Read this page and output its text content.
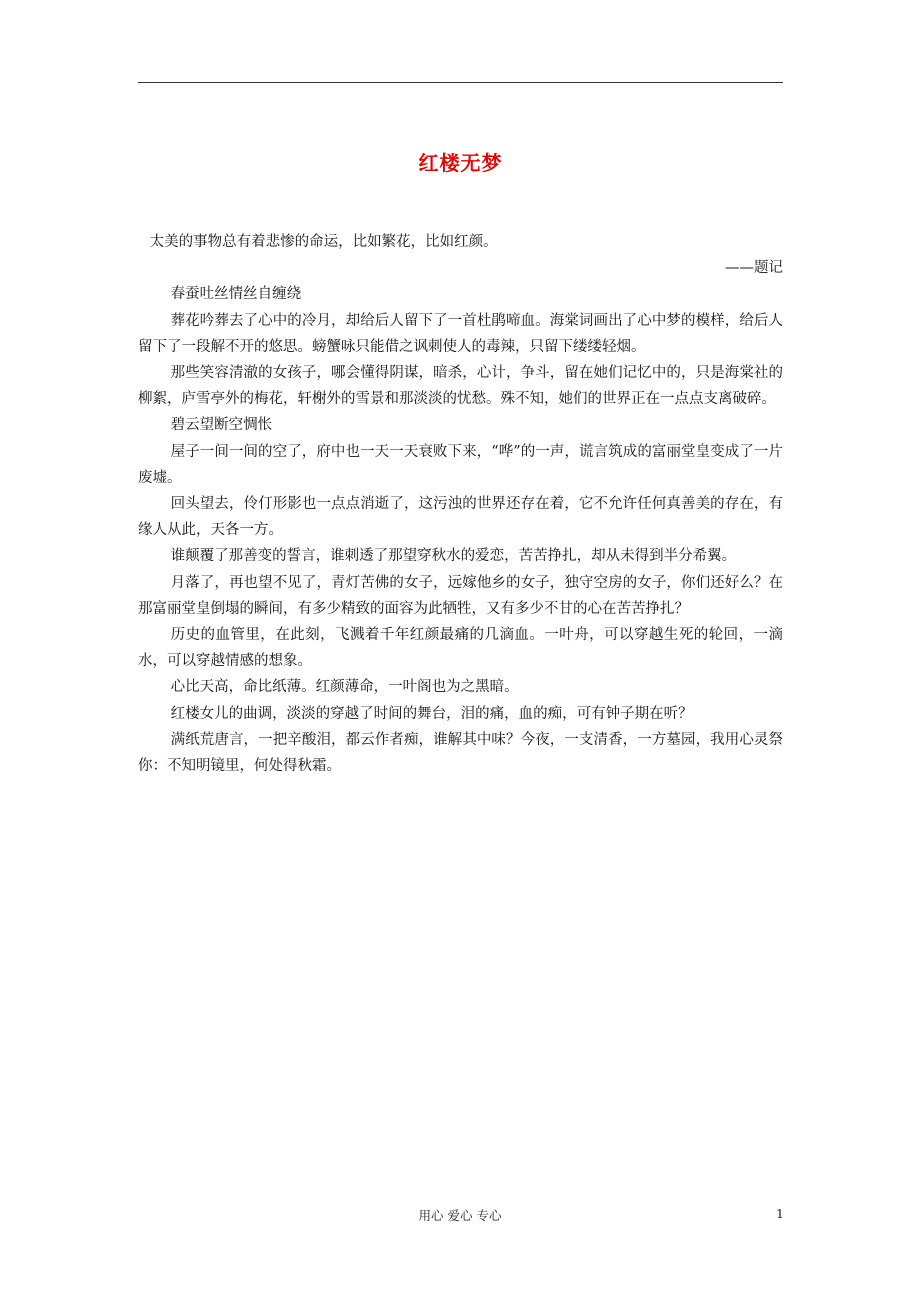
红楼无梦

太美的事物总有着悲惨的命运，比如繁花，比如红颜。

——题记

春蚕吐丝情丝自缠绕

葬花吟葬去了心中的冷月，却给后人留下了一首杜鹃啼血。海棠词画出了心中梦的模样，给后人留下了一段解不开的悠思。螃蟹咏只能借之讽刺使人的毒辣，只留下缕缕轻烟。

那些笑容清澈的女孩子，哪会懂得阴谋，暗杀，心计，争斗，留在她们记忆中的，只是海棠社的柳絮，庐雪亭外的梅花，轩榭外的雪景和那淡淡的忧愁。殊不知，她们的世界正在一点点支离破碎。

碧云望断空惆怅

屋子一间一间的空了，府中也一天一天衰败下来，“哗”的一声，谎言筑成的富丽堂皇变成了一片废墟。

回头望去，伶仃形影也一点点消逝了，这污浊的世界还存在着，它不允许任何真善美的存在，有缘人从此，天各一方。

谁颠覆了那善变的誓言，谁刺透了那望穿秋水的爱恋，苦苦挣扎，却从未得到半分希翼。

月落了，再也望不见了，青灯苦佛的女子，远嫁他乡的女子，独守空房的女子，你们还好么？在那富丽堂皇倒塌的瞬间，有多少精致的面容为此牺牲，又有多少不甘的心在苦苦挣扎？

历史的血管里，在此刻，飞溅着千年红颜最痛的几滴血。一叶舟，可以穿越生死的轮回，一滴水，可以穿越情感的想象。

心比天高，命比纸薄。红颜薄命，一叶阁也为之黑暗。

红楼女儿的曲调，淡淡的穿越了时间的舞台，泪的痛，血的痴，可有钟子期在听？

满纸荒唐言，一把辛酸泪，都云作者痴，谁解其中味？今夜，一支清香，一方墓园，我用心灵祭你：不知明镜里，何处得秋霜。

用心 爱心 专心	1
